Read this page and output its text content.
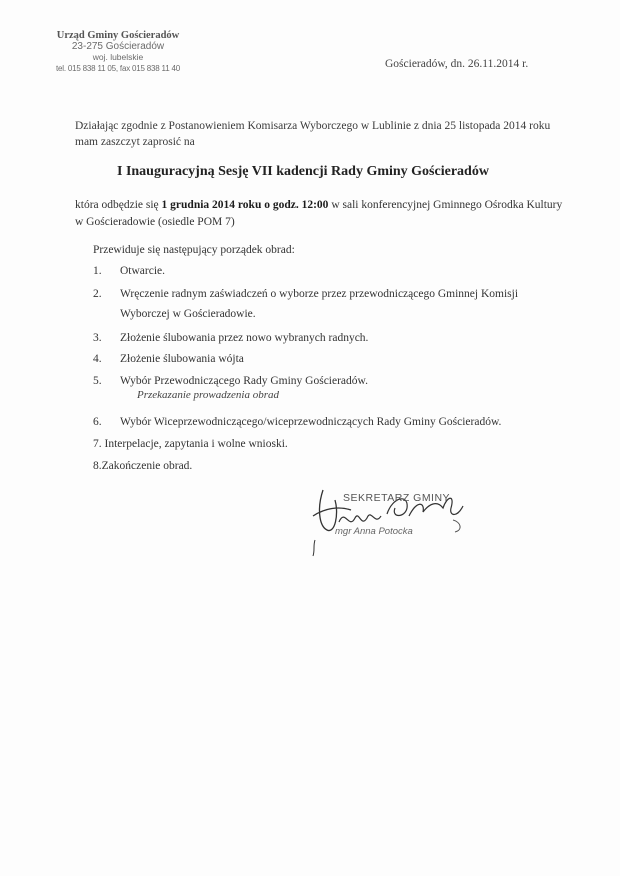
Urząd Gminy Gościeradów
23-275 Gościeradów
woj. lubelskie
tel. 015 838 11 05, fax 015 838 11 40	Gościeradów, dn. 26.11.2014 r.
Działając zgodnie z Postanowieniem Komisarza Wyborczego w Lublinie z dnia 25 listopada 2014 roku mam zaszczyt zaprosić na
I Inauguracyjną Sesję VII kadencji Rady Gminy Gościeradów
która odbędzie się 1 grudnia 2014 roku o godz. 12:00 w sali konferencyjnej Gminnego Ośrodka Kultury w Gościeradowie (osiedle POM 7)
Przewiduje się następujący porządek obrad:
1. Otwarcie.
2. Wręczenie radnym zaświadczeń o wyborze przez przewodniczącego Gminnej Komisji
Wyborczej w Gościeradowie.
3. Złożenie ślubowania przez nowo wybranych radnych.
4. Złożenie ślubowania wójta
5. Wybór Przewodniczącego Rady Gminy Gościeradów.
Przekazanie prowadzenia obrad
6. Wybór Wiceprzewodniczącego/wiceprzewodniczących Rady Gminy Gościeradów.
7. Interpelacje, zapytania i wolne wnioski.
8.Zakończenie obrad.
SEKRETARZ GMINY
mgr Anna Potocka
